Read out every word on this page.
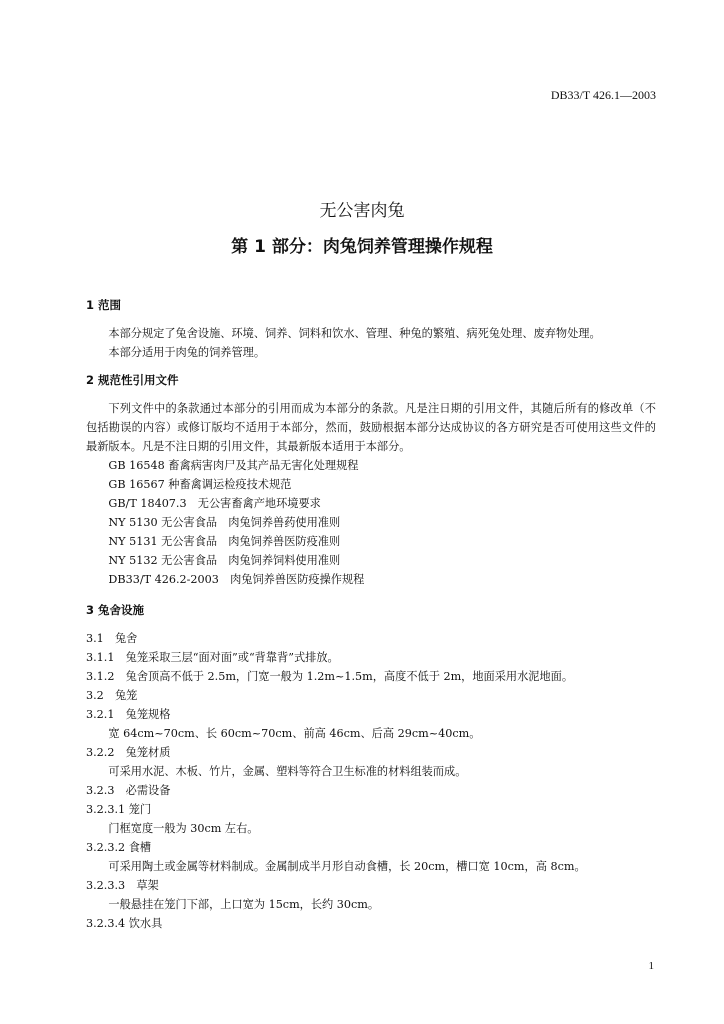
DB33/T 426.1—2003
无公害肉兔
第 1 部分：肉兔饲养管理操作规程

1 范围

本部分规定了兔舍设施、环境、饲养、饲料和饮水、管理、种兔的繁殖、病死兔处理、废弃物处理。

本部分适用于肉兔的饲养管理。

2 规范性引用文件

下列文件中的条款通过本部分的引用而成为本部分的条款。凡是注日期的引用文件，其随后所有的修改单（不包括勘误的内容）或修订版均不适用于本部分，然而，鼓励根据本部分达成协议的各方研究是否可使用这些文件的最新版本。凡是不注日期的引用文件，其最新版本适用于本部分。

GB 16548 畜禽病害肉尸及其产品无害化处理规程

GB 16567 种畜禽调运检疫技术规范

GB/T 18407.3　无公害畜禽产地环境要求

NY 5130 无公害食品　肉兔饲养兽药使用准则

NY 5131 无公害食品　肉兔饲养兽医防疫准则

NY 5132 无公害食品　肉兔饲养饲料使用准则

DB33/T 426.2-2003　肉兔饲养兽医防疫操作规程

3 兔舍设施

3.1　兔舍

3.1.1　兔笼采取三层“面对面”或“背靠背”式排放。

3.1.2　兔舍顶高不低于 2.5m，门宽一般为 1.2m~1.5m，高度不低于 2m，地面采用水泥地面。

3.2　兔笼

3.2.1　兔笼规格

宽 64cm~70cm、长 60cm~70cm、前高 46cm、后高 29cm~40cm。

3.2.2　兔笼材质

可采用水泥、木板、竹片，金属、塑料等符合卫生标准的材料组装而成。

3.2.3　必需设备

3.2.3.1 笼门

门框宽度一般为 30cm 左右。

3.2.3.2 食槽

可采用陶土或金属等材料制成。金属制成半月形自动食槽，长 20cm，槽口宽 10cm，高 8cm。

3.2.3.3　草架

一般悬挂在笼门下部，上口宽为 15cm，长约 30cm。

3.2.3.4 饮水具

1
